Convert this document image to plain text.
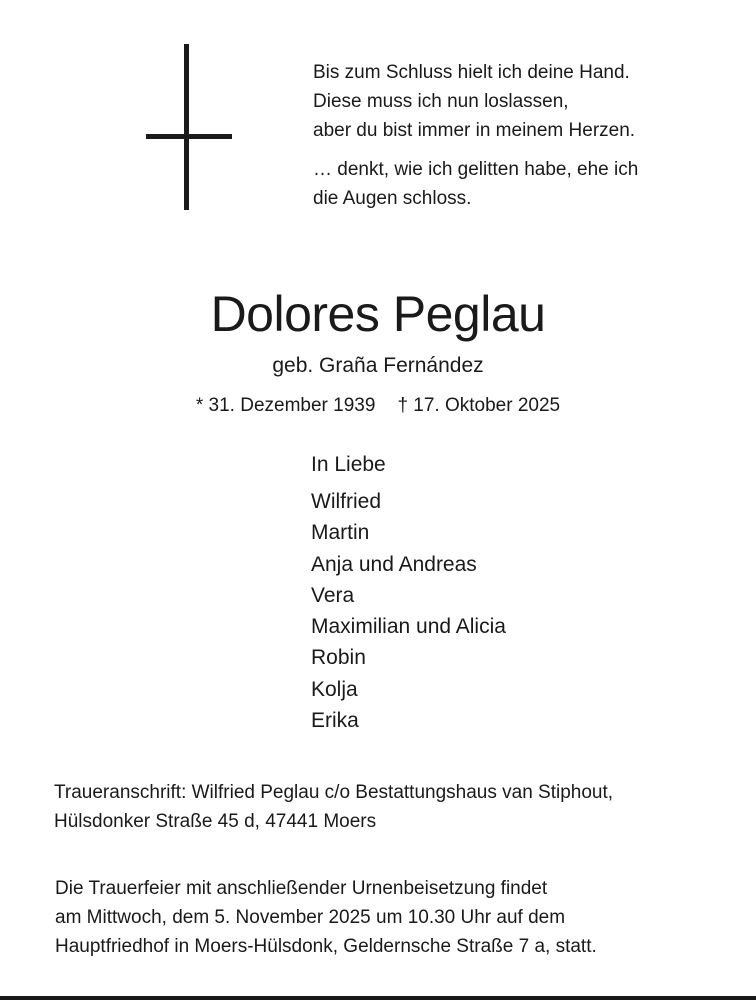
Bis zum Schluss hielt ich deine Hand.
Diese muss ich nun loslassen,
aber du bist immer in meinem Herzen.
… denkt, wie ich gelitten habe, ehe ich
die Augen schloss.
Dolores Peglau
geb. Graña Fernández
* 31. Dezember 1939 † 17. Oktober 2025
In Liebe
Wilfried
Martin
Anja und Andreas
Vera
Maximilian und Alicia
Robin
Kolja
Erika
Traueranschrift: Wilfried Peglau c/o Bestattungshaus van Stiphout,
Hülsdonker Straße 45 d, 47441 Moers
Die Trauerfeier mit anschließender Urnenbeisetzung findet
am Mittwoch, dem 5. November 2025 um 10.30 Uhr auf dem
Hauptfriedhof in Moers-Hülsdonk, Geldernsche Straße 7 a, statt.
